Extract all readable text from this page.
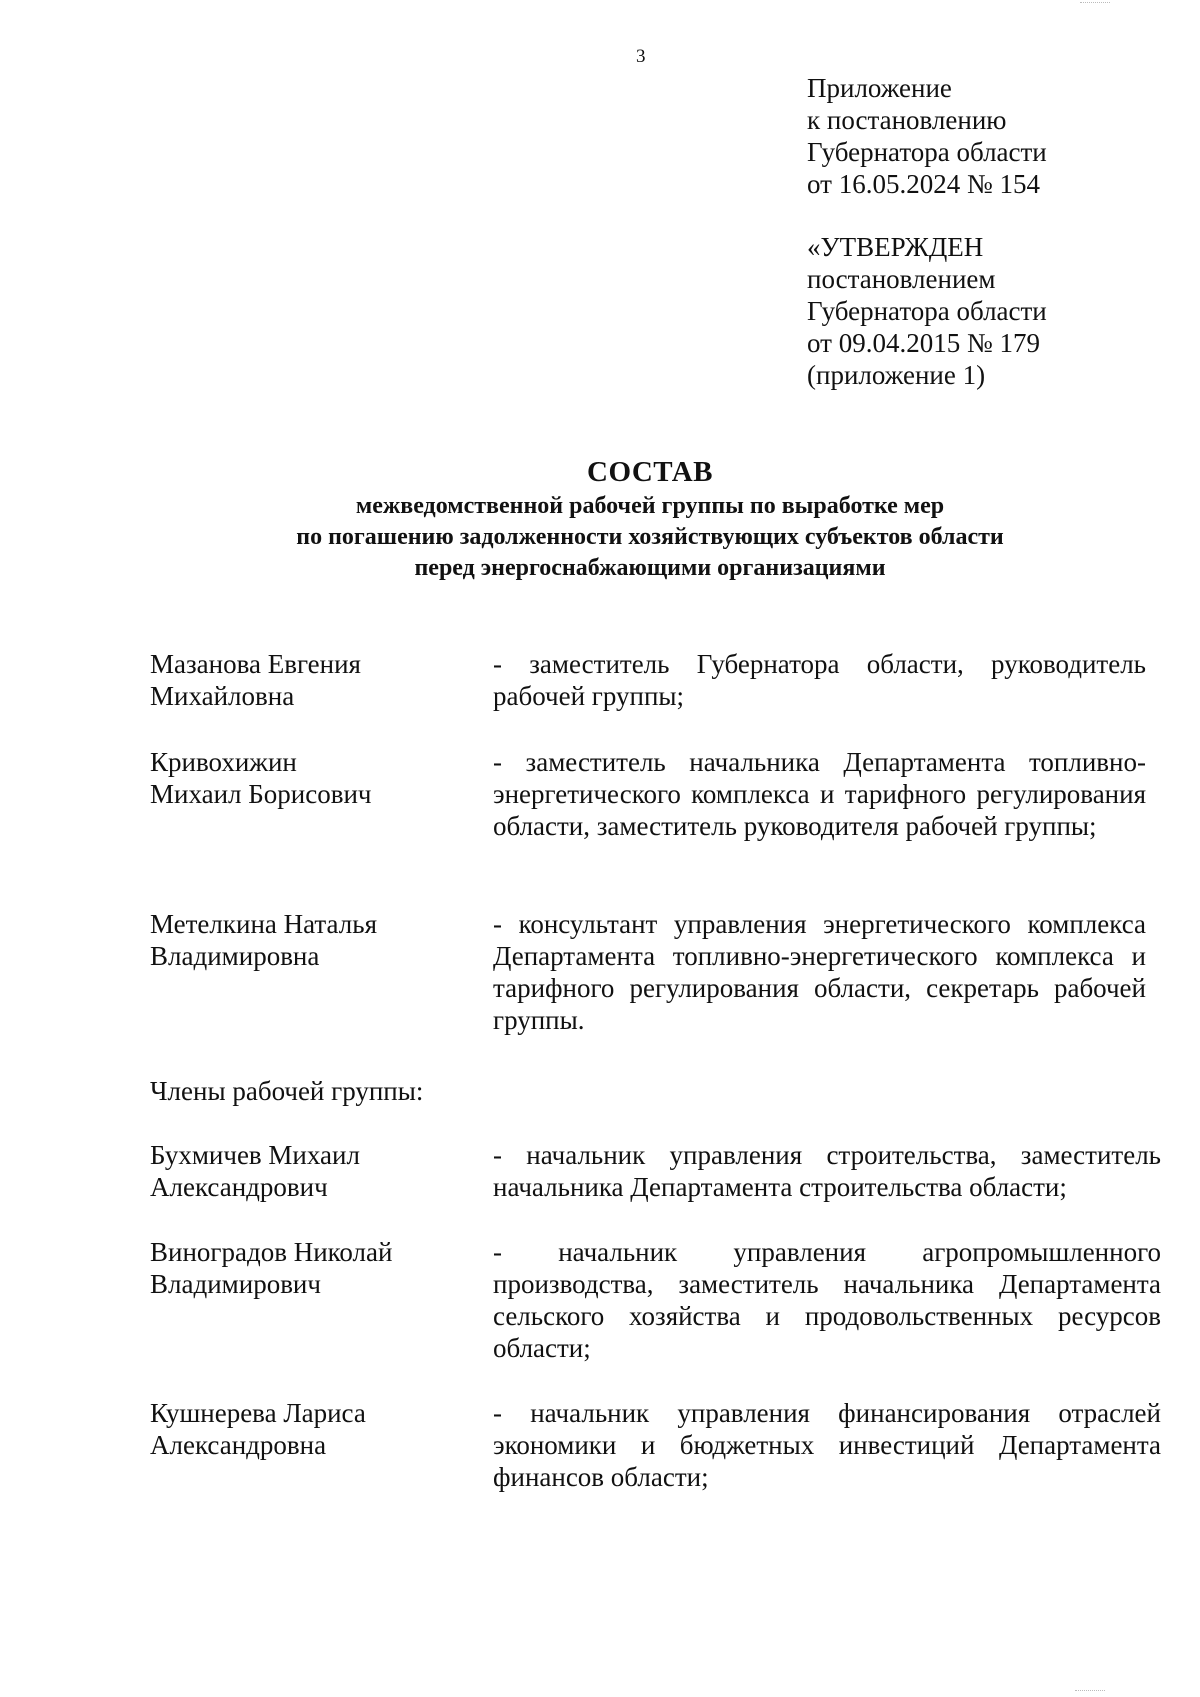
3
Приложение
к постановлению
Губернатора области
от 16.05.2024 № 154
«УТВЕРЖДЕН
постановлением
Губернатора области
от 09.04.2015 № 179
(приложение 1)
СОСТАВ
межведомственной рабочей группы по выработке мер
по погашению задолженности хозяйствующих субъектов области
перед энергоснабжающими организациями
Мазанова Евгения
Михайловна
- заместитель Губернатора области, руководитель рабочей группы;
Кривохижин
Михаил Борисович
- заместитель начальника Департамента топливно-энергетического комплекса и тарифного регулирования области, заместитель руководителя рабочей группы;
Метелкина Наталья
Владимировна
- консультант управления энергетического комплекса Департамента топливно-энергетического комплекса и тарифного регулирования области, секретарь рабочей группы.
Члены рабочей группы:
Бухмичев Михаил
Александрович
- начальник управления строительства, заместитель начальника Департамента строительства области;
Виноградов Николай
Владимирович
- начальник управления агропромышленного производства, заместитель начальника Департамента сельского хозяйства и продовольственных ресурсов области;
Кушнерева Лариса
Александровна
- начальник управления финансирования отраслей экономики и бюджетных инвестиций Департамента финансов области;
